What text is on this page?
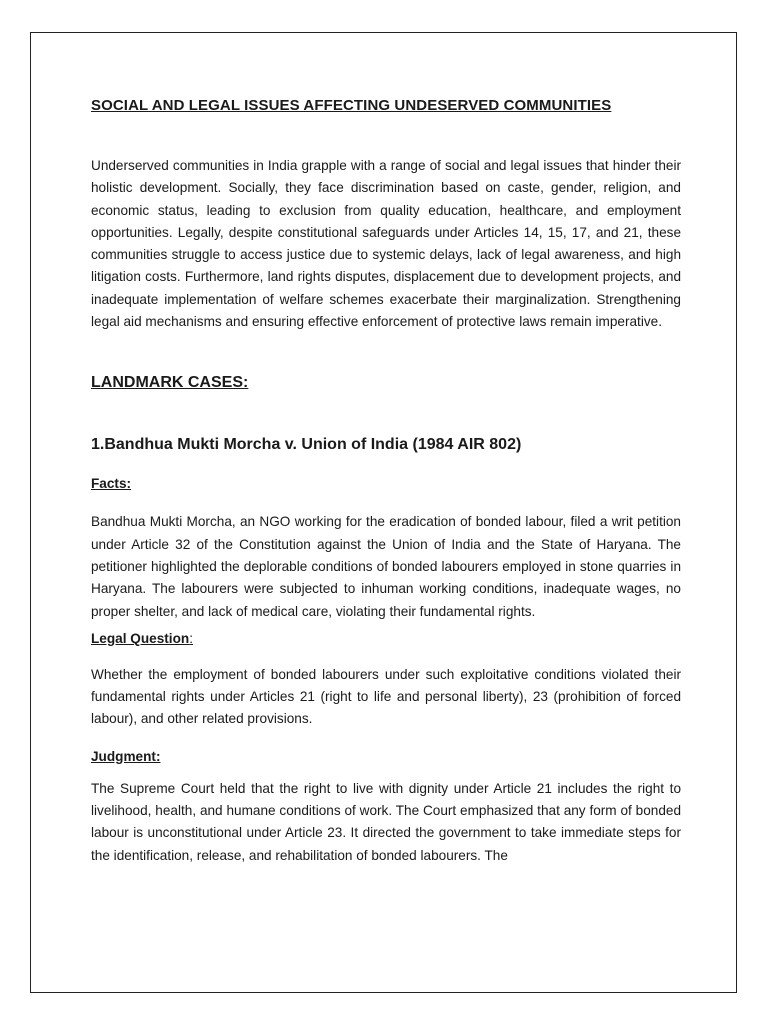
SOCIAL AND LEGAL ISSUES AFFECTING UNDESERVED COMMUNITIES

Underserved communities in India grapple with a range of social and legal issues that hinder their holistic development. Socially, they face discrimination based on caste, gender, religion, and economic status, leading to exclusion from quality education, healthcare, and employment opportunities. Legally, despite constitutional safeguards under Articles 14, 15, 17, and 21, these communities struggle to access justice due to systemic delays, lack of legal awareness, and high litigation costs. Furthermore, land rights disputes, displacement due to development projects, and inadequate implementation of welfare schemes exacerbate their marginalization. Strengthening legal aid mechanisms and ensuring effective enforcement of protective laws remain imperative.

LANDMARK CASES:
1.Bandhua Mukti Morcha v. Union of India (1984 AIR 802)
Facts:

Bandhua Mukti Morcha, an NGO working for the eradication of bonded labour, filed a writ petition under Article 32 of the Constitution against the Union of India and the State of Haryana. The petitioner highlighted the deplorable conditions of bonded labourers employed in stone quarries in Haryana. The labourers were subjected to inhuman working conditions, inadequate wages, no proper shelter, and lack of medical care, violating their fundamental rights.

Legal Question:

Whether the employment of bonded labourers under such exploitative conditions violated their fundamental rights under Articles 21 (right to life and personal liberty), 23 (prohibition of forced labour), and other related provisions.

Judgment:

The Supreme Court held that the right to live with dignity under Article 21 includes the right to livelihood, health, and humane conditions of work. The Court emphasized that any form of bonded labour is unconstitutional under Article 23. It directed the government to take immediate steps for the identification, release, and rehabilitation of bonded labourers. The
